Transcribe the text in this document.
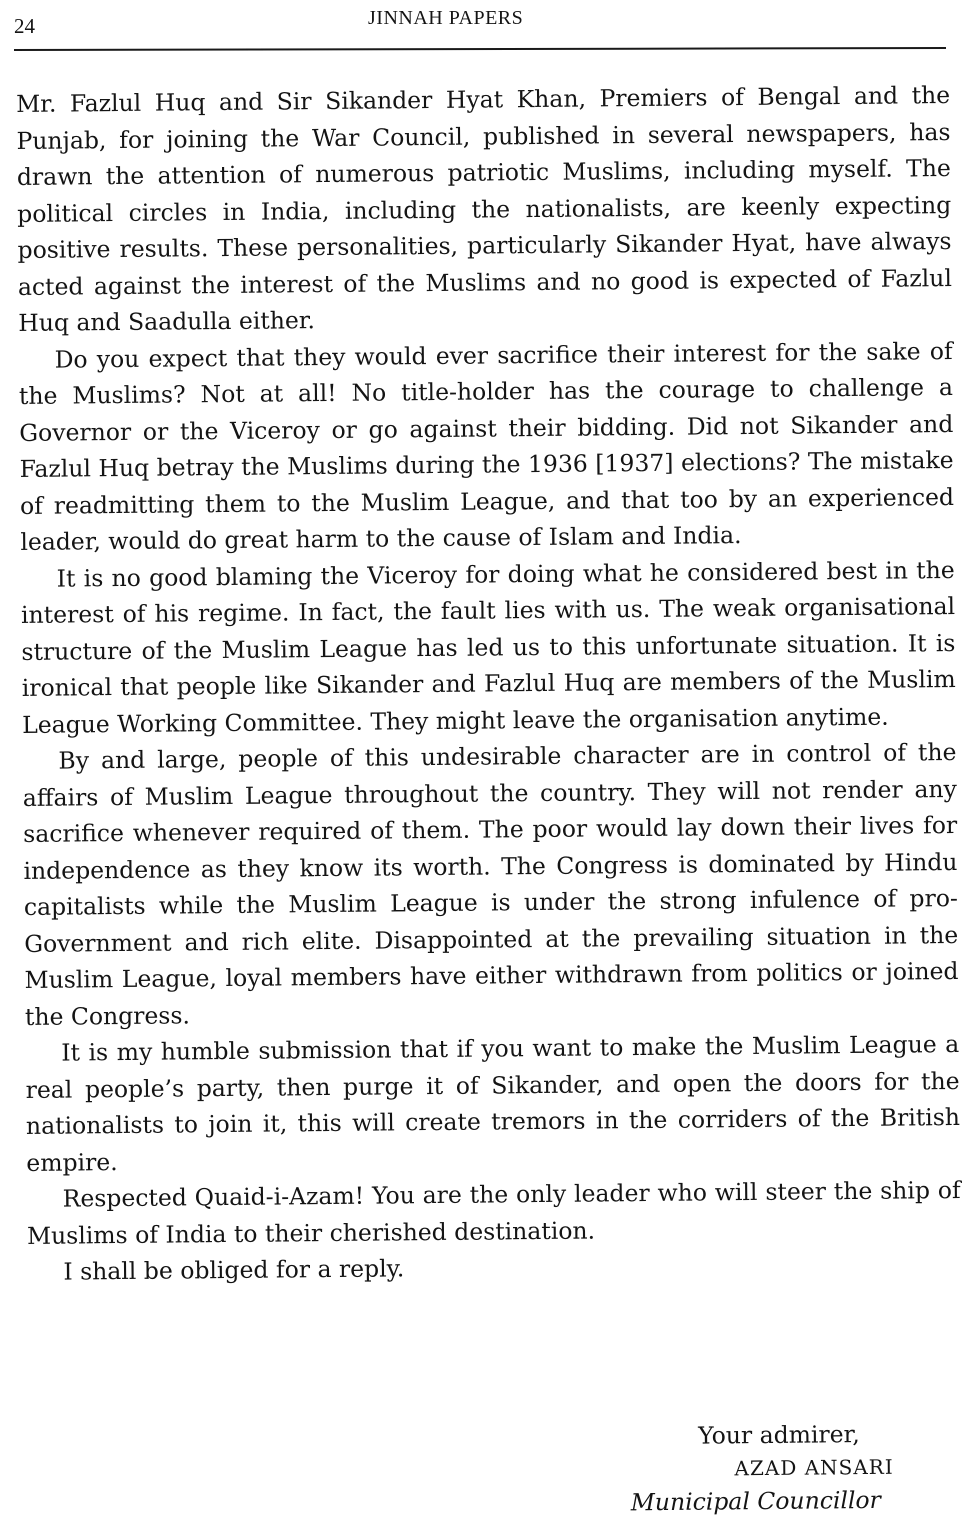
24	JINNAH PAPERS

Mr. Fazlul Huq and Sir Sikander Hyat Khan, Premiers of Bengal and the Punjab, for joining the War Council, published in several newspapers, has drawn the attention of numerous patriotic Muslims, including myself. The political circles in India, including the nationalists, are keenly expecting positive results. These personalities, particularly Sikander Hyat, have always acted against the interest of the Muslims and no good is expected of Fazlul Huq and Saadulla either.

Do you expect that they would ever sacrifice their interest for the sake of the Muslims? Not at all! No title-holder has the courage to challenge a Governor or the Viceroy or go against their bidding. Did not Sikander and Fazlul Huq betray the Muslims during the 1936 [1937] elections? The mistake of readmitting them to the Muslim League, and that too by an experienced leader, would do great harm to the cause of Islam and India.

It is no good blaming the Viceroy for doing what he considered best in the interest of his regime. In fact, the fault lies with us. The weak organisational structure of the Muslim League has led us to this unfortunate situation. It is ironical that people like Sikander and Fazlul Huq are members of the Muslim League Working Committee. They might leave the organisation anytime.

By and large, people of this undesirable character are in control of the affairs of Muslim League throughout the country. They will not render any sacrifice whenever required of them. The poor would lay down their lives for independence as they know its worth. The Congress is dominated by Hindu capitalists while the Muslim League is under the strong infulence of pro-Government and rich elite. Disappointed at the prevailing situation in the Muslim League, loyal members have either withdrawn from politics or joined the Congress.

It is my humble submission that if you want to make the Muslim League a real people’s party, then purge it of Sikander, and open the doors for the nationalists to join it, this will create tremors in the corriders of the British empire.

Respected Quaid-i-Azam! You are the only leader who will steer the ship of Muslims of India to their cherished destination.

I shall be obliged for a reply.

Your admirer,
AZAD ANSARI
Municipal Councillor
